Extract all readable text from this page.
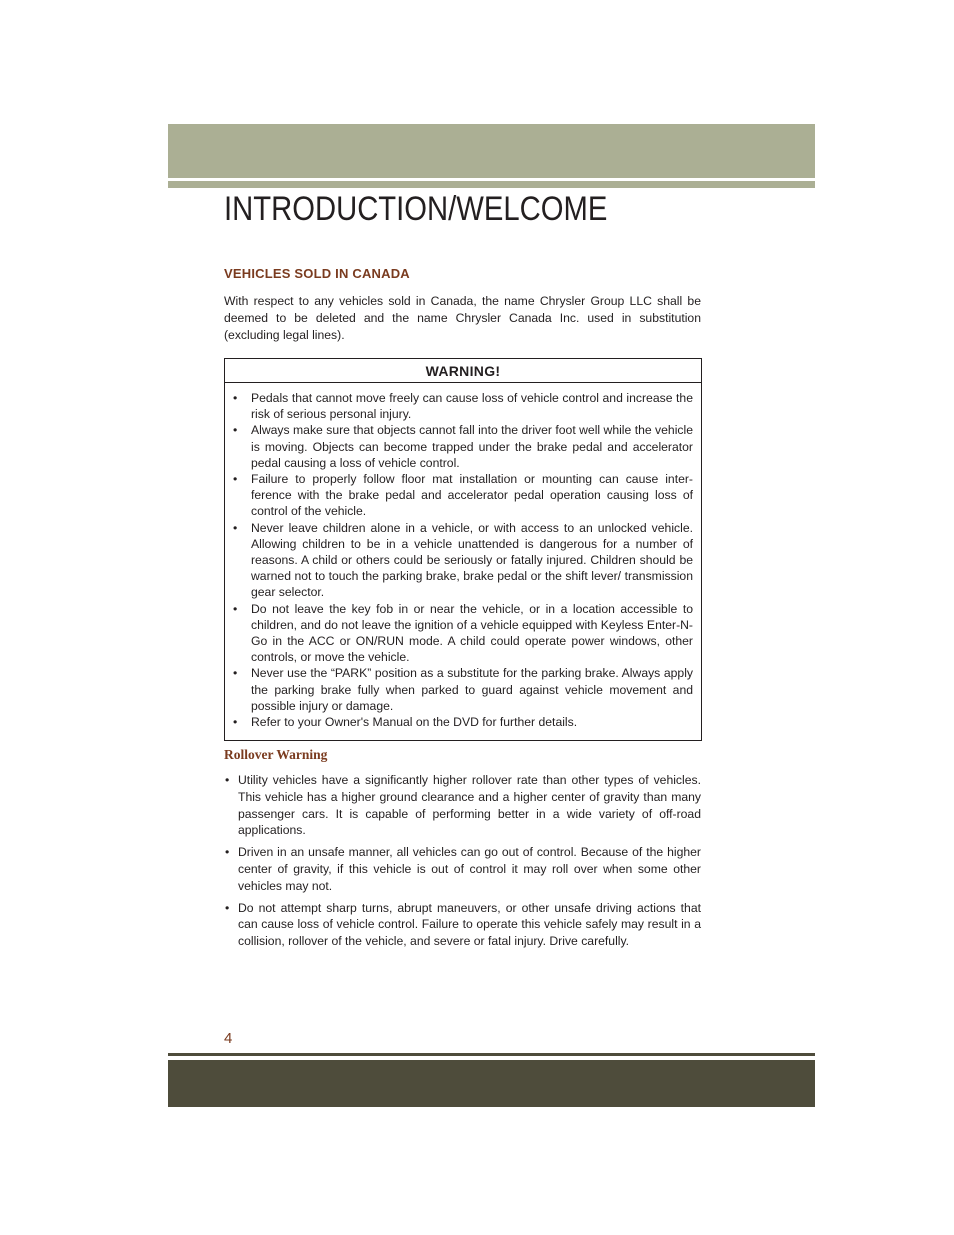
INTRODUCTION/WELCOME
VEHICLES SOLD IN CANADA

With respect to any vehicles sold in Canada, the name Chrysler Group LLC shall be deemed to be deleted and the name Chrysler Canada Inc. used in substitution (excluding legal lines).

WARNING!
• Pedals that cannot move freely can cause loss of vehicle control and increase the risk of serious personal injury.
• Always make sure that objects cannot fall into the driver foot well while the vehicle is moving. Objects can become trapped under the brake pedal and accelerator pedal causing a loss of vehicle control.
• Failure to properly follow floor mat installation or mounting can cause inter-ference with the brake pedal and accelerator pedal operation causing loss of control of the vehicle.
• Never leave children alone in a vehicle, or with access to an unlocked vehicle. Allowing children to be in a vehicle unattended is dangerous for a number of reasons. A child or others could be seriously or fatally injured. Children should be warned not to touch the parking brake, brake pedal or the shift lever/ transmission gear selector.
• Do not leave the key fob in or near the vehicle, or in a location accessible to children, and do not leave the ignition of a vehicle equipped with Keyless Enter-N-Go in the ACC or ON/RUN mode. A child could operate power windows, other controls, or move the vehicle.
• Never use the “PARK” position as a substitute for the parking brake. Always apply the parking brake fully when parked to guard against vehicle movement and possible injury or damage.
• Refer to your Owner's Manual on the DVD for further details.
Rollover Warning
• Utility vehicles have a significantly higher rollover rate than other types of vehicles. This vehicle has a higher ground clearance and a higher center of gravity than many passenger cars. It is capable of performing better in a wide variety of off-road applications.
• Driven in an unsafe manner, all vehicles can go out of control. Because of the higher center of gravity, if this vehicle is out of control it may roll over when some other vehicles may not.
• Do not attempt sharp turns, abrupt maneuvers, or other unsafe driving actions that can cause loss of vehicle control. Failure to operate this vehicle safely may result in a collision, rollover of the vehicle, and severe or fatal injury. Drive carefully.
4
